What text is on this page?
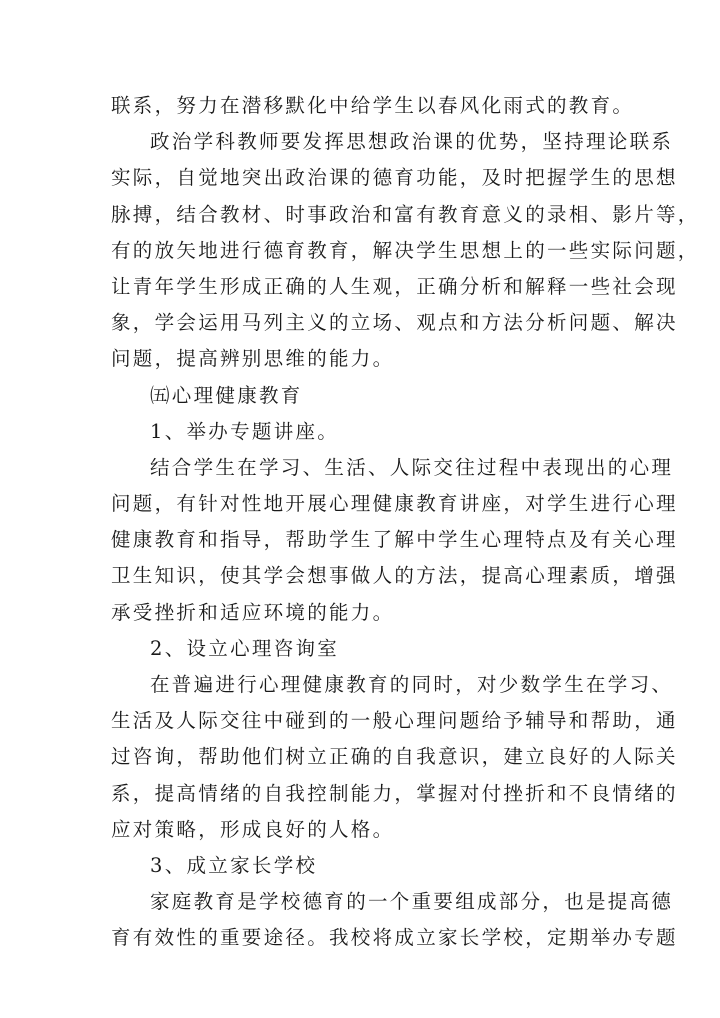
联系，努力在潜移默化中给学生以春风化雨式的教育。
政治学科教师要发挥思想政治课的优势，坚持理论联系
实际，自觉地突出政治课的德育功能，及时把握学生的思想
脉搏，结合教材、时事政治和富有教育意义的录相、影片等，
有的放矢地进行德育教育，解决学生思想上的一些实际问题，
让青年学生形成正确的人生观，正确分析和解释一些社会现
象，学会运用马列主义的立场、观点和方法分析问题、解决
问题，提高辨别思维的能力。
㈤心理健康教育
1、举办专题讲座。
结合学生在学习、生活、人际交往过程中表现出的心理
问题，有针对性地开展心理健康教育讲座，对学生进行心理
健康教育和指导，帮助学生了解中学生心理特点及有关心理
卫生知识，使其学会想事做人的方法，提高心理素质，增强
承受挫折和适应环境的能力。
2、设立心理咨询室
在普遍进行心理健康教育的同时，对少数学生在学习、
生活及人际交往中碰到的一般心理问题给予辅导和帮助，通
过咨询，帮助他们树立正确的自我意识，建立良好的人际关
系，提高情绪的自我控制能力，掌握对付挫折和不良情绪的
应对策略，形成良好的人格。
3、成立家长学校
家庭教育是学校德育的一个重要组成部分，也是提高德
育有效性的重要途径。我校将成立家长学校，定期举办专题
